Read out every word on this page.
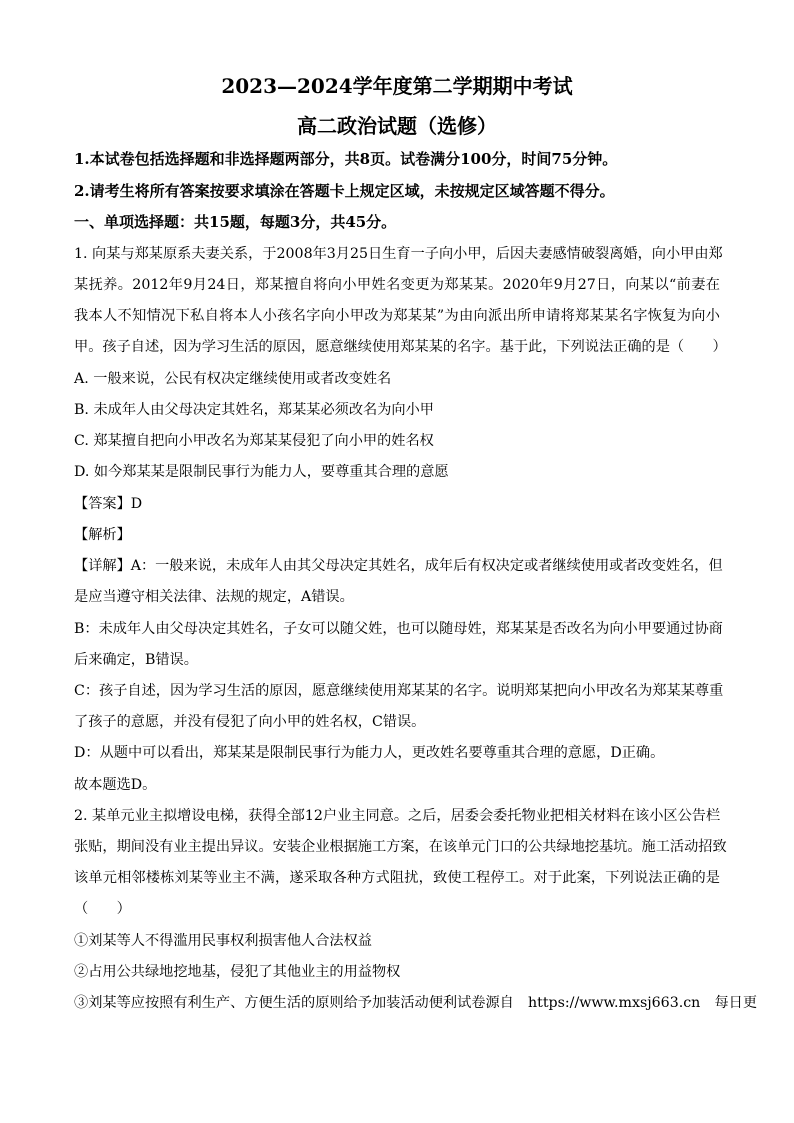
2023—2024学年度第二学期期中考试
高二政治试题（选修）
1.本试卷包括选择题和非选择题两部分，共8页。试卷满分100分，时间75分钟。
2.请考生将所有答案按要求填涂在答题卡上规定区域，未按规定区域答题不得分。
一、单项选择题：共15题，每题3分，共45分。
1. 向某与郑某原系夫妻关系，于2008年3月25日生育一子向小甲，后因夫妻感情破裂离婚，向小甲由郑
某抚养。2012年9月24日，郑某擅自将向小甲姓名变更为郑某某。2020年9月27日，向某以“前妻在
我本人不知情况下私自将本人小孩名字向小甲改为郑某某”为由向派出所申请将郑某某名字恢复为向小
甲。孩子自述，因为学习生活的原因，愿意继续使用郑某某的名字。基于此，下列说法正确的是（　　）
A. 一般来说，公民有权决定继续使用或者改变姓名
B. 未成年人由父母决定其姓名，郑某某必须改名为向小甲
C. 郑某擅自把向小甲改名为郑某某侵犯了向小甲的姓名权
D. 如今郑某某是限制民事行为能力人，要尊重其合理的意愿
【答案】D
【解析】
【详解】A：一般来说，未成年人由其父母决定其姓名，成年后有权决定或者继续使用或者改变姓名，但
是应当遵守相关法律、法规的规定，A错误。
B：未成年人由父母决定其姓名，子女可以随父姓，也可以随母姓，郑某某是否改名为向小甲要通过协商
后来确定，B错误。
C：孩子自述，因为学习生活的原因，愿意继续使用郑某某的名字。说明郑某把向小甲改名为郑某某尊重
了孩子的意愿，并没有侵犯了向小甲的姓名权，C错误。
D：从题中可以看出，郑某某是限制民事行为能力人，更改姓名要尊重其合理的意愿，D正确。
故本题选D。
2. 某单元业主拟增设电梯，获得全部12户业主同意。之后，居委会委托物业把相关材料在该小区公告栏
张贴，期间没有业主提出异议。安装企业根据施工方案，在该单元门口的公共绿地挖基坑。施工活动招致
该单元相邻楼栋刘某等业主不满，遂采取各种方式阻扰，致使工程停工。对于此案，下列说法正确的是
（　　）
①刘某等人不得滥用民事权利损害他人合法权益
②占用公共绿地挖地基，侵犯了其他业主的用益物权
③刘某等应按照有利生产、方便生活的原则给予加装活动便利试卷源自　https://www.mxsj663.cn　每日更
